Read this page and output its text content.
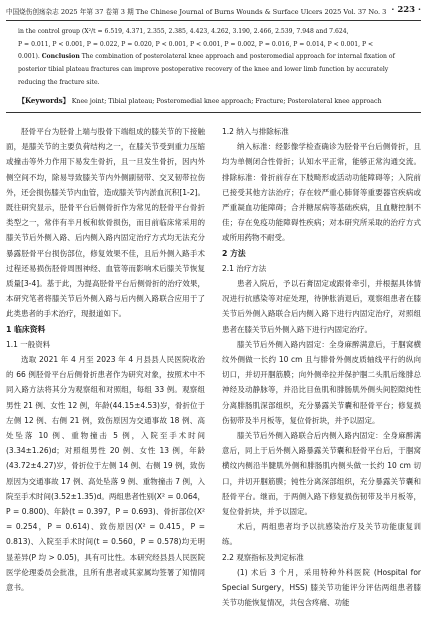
中国烧伤创疡杂志 2025 年第 37 卷第 3 期 The Chinese Journal of Burns Wounds & Surface Ulcers 2025 Vol. 37 No. 3 · 223 ·
in the control group (X²/t = 6.519, 4.371, 2.355, 2.385, 4.423, 4.262, 3.190, 2.466, 2.539, 7.948 and 7.624,
P = 0.011, P < 0.001, P = 0.022, P = 0.020, P < 0.001, P < 0.001, P = 0.002, P = 0.016, P = 0.014, P < 0.001, P <
0.001). Conclusion The combination of posterolateral knee approach and posteromedial approach for internal fixation of
posterior tibial plateau fractures can improve postoperative recovery of the knee and lower limb function by accurately
reducing the fracture site.
【Keywords】 Knee joint; Tibial plateau; Posteromedial knee approach; Fracture; Posterolateral knee approach

胫骨平台为胫骨上端与股骨下端组成的膝关节的下接触面，是膝关节的主要负荷结构之一，在膝关节受到重力压缩或撞击等外力作用下易发生骨折，且一旦发生骨折，因内外侧空间不均，除易导致膝关节内外侧副韧带、交叉韧带拉伤外，还会损伤膝关节内血管，造成膝关节内淤血沉积[1-2]。既往研究显示，胫骨平台后侧骨折作为常见的胫骨平台骨折类型之一，常伴有半月板和软骨损伤，而目前临床常采用的膝关节后外侧入路、后内侧入路内固定治疗方式均无法充分暴露胫骨平台损伤部位，修复效果不佳，且后外侧入路手术过程还易损伤胫骨周围神经、血管等而影响术后膝关节恢复质量[3-4]。基于此，为提高胫骨平台后侧骨折的治疗效果，本研究笔者将膝关节后外侧入路与后内侧入路联合应用于了此类患者的手术治疗，现报道如下。

1 临床资料
1.1 一般资料

选取 2021 年 4 月至 2023 年 4 月县县人民医院收治的 66 例胫骨平台后侧骨折患者作为研究对象，按照术中不同入路方法将其分为观察组和对照组，每组 33 例。观察组男性 21 例、女性 12 例，年龄(44.15±4.53)岁，骨折位于左侧 12 例、右侧 21 例，致伤原因为交通事故 18 例、高处坠落 10 例、重物撞击 5 例，入院至手术时间(3.34±1.26)d；对照组男性 20 例、女性 13 例，年龄(43.72±4.27)岁，骨折位于左侧 14 例、右侧 19 例，致伤原因为交通事故 17 例、高处坠落 9 例、重物撞击 7 例，入院至手术时间(3.52±1.35)d。两组患者性别(X² = 0.064，P = 0.800)、年龄(t = 0.397，P = 0.693)、骨折部位(X² = 0.254，P = 0.614)、致伤原因(X² = 0.415，P = 0.813)、入院至手术时间(t = 0.560，P = 0.578)均无明显差异(P 均 > 0.05)，具有可比性。本研究经县县人民医院医学伦理委员会批准，且所有患者或其家属均签署了知情同意书。

1.2 纳入与排除标准

纳入标准：经影像学检查确诊为胫骨平台后侧骨折，且均为单侧闭合性骨折；认知水平正常，能够正常沟通交流。排除标准：骨折前存在下肢畸形或活动功能障碍等；入院前已接受其他方法治疗；存在较严重心肺肾等重要器官疾病或严重凝血功能障碍；合并糖尿病等基础疾病，且血糖控制不佳；存在免疫功能障碍性疾病；对本研究所采取的治疗方式或所用药物不耐受。

2 方法
2.1 治疗方法

患者入院后，予以石膏固定或跟骨牵引，并根据具体情况进行抗感染等对症处理，待肿胀消退后，观察组患者在膝关节后外侧入路联合后内侧入路下进行内固定治疗，对照组患者在膝关节后外侧入路下进行内固定治疗。

膝关节后外侧入路内固定：全身麻醉满意后，于腘窝横纹外侧做一长约 10 cm 且与腓骨外侧皮质轴线平行的纵向切口，并切开腘筋膜；向外侧牵拉并保护腘二头肌后缘腓总神经及动静脉等，并沿比目鱼肌和腓肠肌外侧头间腔隙纯性分离腓肠肌深部组织，充分暴露关节囊和胫骨平台；修复损伤韧带及半月板等，复位骨折块，并予以固定。

膝关节后外侧入路联合后内侧入路内固定：全身麻醉满意后，同上于后外侧入路暴露关节囊和胫骨平台后，于腘窝横纹内侧沿半腱肌外侧和腓肠肌内侧头做一长约 10 cm 切口，并切开腘筋膜；钝性分离深部组织，充分暴露关节囊和胫骨平台。继而，于两侧入路下修复损伤韧带及半月板等，复位骨折块，并予以固定。

术后，两组患者均予以抗感染治疗及关节功能康复训练。

2.2 观察指标及判定标准

(1) 术后 3 个月，采用特种外科医院 (Hospital for Special Surgery，HSS) 膝关节功能评分评估两组患者膝关节功能恢复情况，共包含疼痛、功能
